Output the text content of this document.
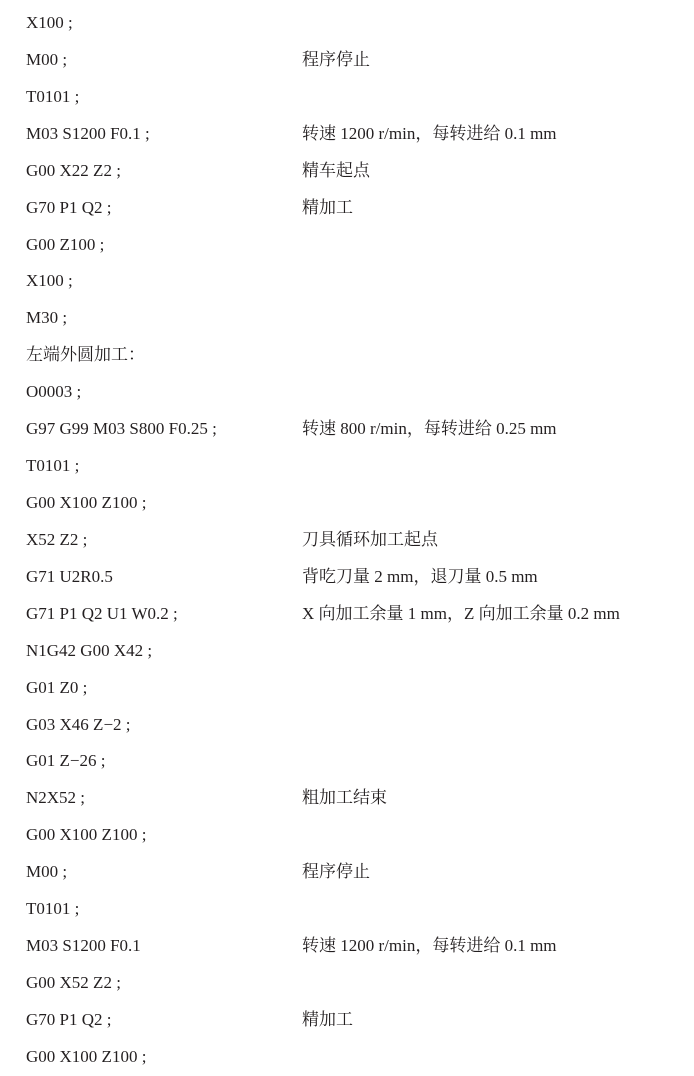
X100 ;
M00 ;	程序停止
T0101 ;
M03 S1200 F0.1 ;	转速 1200 r/min，每转进给 0.1 mm
G00 X22 Z2 ;	精车起点
G70 P1 Q2 ;	精加工
G00 Z100 ;
X100 ;
M30 ;
左端外圆加工：
O0003 ;
G97 G99 M03 S800 F0.25 ;	转速 800 r/min，每转进给 0.25 mm
T0101 ;
G00 X100 Z100 ;
X52 Z2 ;	刀具循环加工起点
G71 U2R0.5	背吃刀量 2 mm，退刀量 0.5 mm
G71 P1 Q2 U1 W0.2 ;	X 向加工余量 1 mm，Z 向加工余量 0.2 mm
N1G42 G00 X42 ;
G01 Z0 ;
G03 X46 Z−2 ;
G01 Z−26 ;
N2X52 ;	粗加工结束
G00 X100 Z100 ;
M00 ;	程序停止
T0101 ;
M03 S1200 F0.1	转速 1200 r/min，每转进给 0.1 mm
G00 X52 Z2 ;
G70 P1 Q2 ;	精加工
G00 X100 Z100 ;
